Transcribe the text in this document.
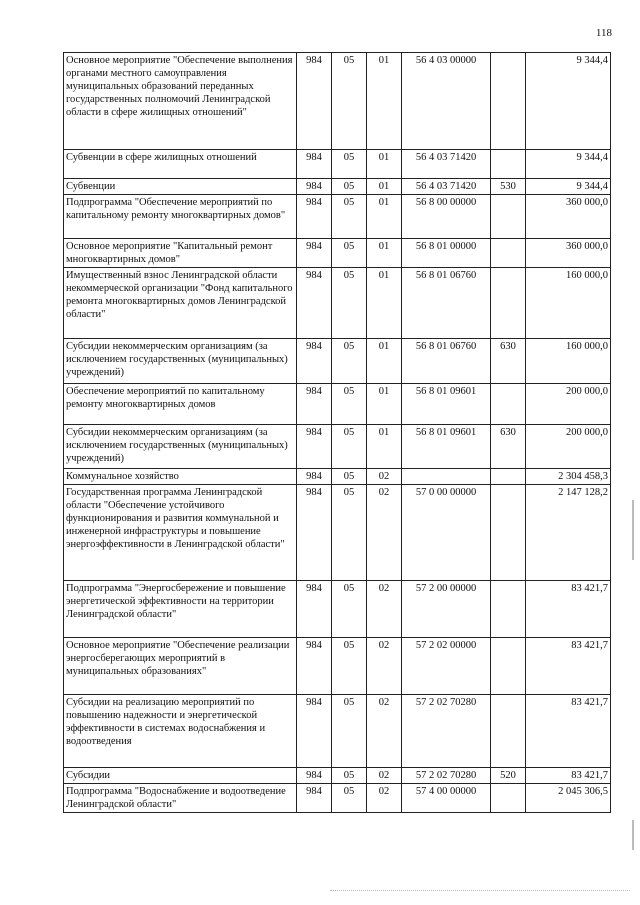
118
Основное мероприятие "Обеспечение выполнения органами местного самоуправления муниципальных образований переданных государственных полномочий Ленинградской области в сфере жилищных отношений"	984	05	01	56 4 03 00000		9 344,4
Субвенции в сфере жилищных отношений	984	05	01	56 4 03 71420		9 344,4
Субвенции	984	05	01	56 4 03 71420	530	9 344,4
Подпрограмма "Обеспечение мероприятий по капитальному ремонту многоквартирных домов"	984	05	01	56 8 00 00000		360 000,0
Основное мероприятие "Капитальный ремонт многоквартирных домов"	984	05	01	56 8 01 00000		360 000,0
Имущественный взнос Ленинградской области некоммерческой организации "Фонд капитального ремонта многоквартирных домов Ленинградской области"	984	05	01	56 8 01 06760		160 000,0
Субсидии некоммерческим организациям (за исключением государственных (муниципальных) учреждений)	984	05	01	56 8 01 06760	630	160 000,0
Обеспечение мероприятий по капитальному ремонту многоквартирных домов	984	05	01	56 8 01 09601		200 000,0
Субсидии некоммерческим организациям (за исключением государственных (муниципальных) учреждений)	984	05	01	56 8 01 09601	630	200 000,0
Коммунальное хозяйство	984	05	02			2 304 458,3
Государственная программа Ленинградской области "Обеспечение устойчивого функционирования и развития коммунальной и инженерной инфраструктуры и повышение энергоэффективности в Ленинградской области"	984	05	02	57 0 00 00000		2 147 128,2
Подпрограмма "Энергосбережение и повышение энергетической эффективности на территории Ленинградской области"	984	05	02	57 2 00 00000		83 421,7
Основное мероприятие "Обеспечение реализации энергосберегающих мероприятий в муниципальных образованиях"	984	05	02	57 2 02 00000		83 421,7
Субсидии на реализацию мероприятий по повышению надежности и энергетической эффективности в системах водоснабжения и водоотведения	984	05	02	57 2 02 70280		83 421,7
Субсидии	984	05	02	57 2 02 70280	520	83 421,7
Подпрограмма "Водоснабжение и водоотведение Ленинградской области"	984	05	02	57 4 00 00000		2 045 306,5
